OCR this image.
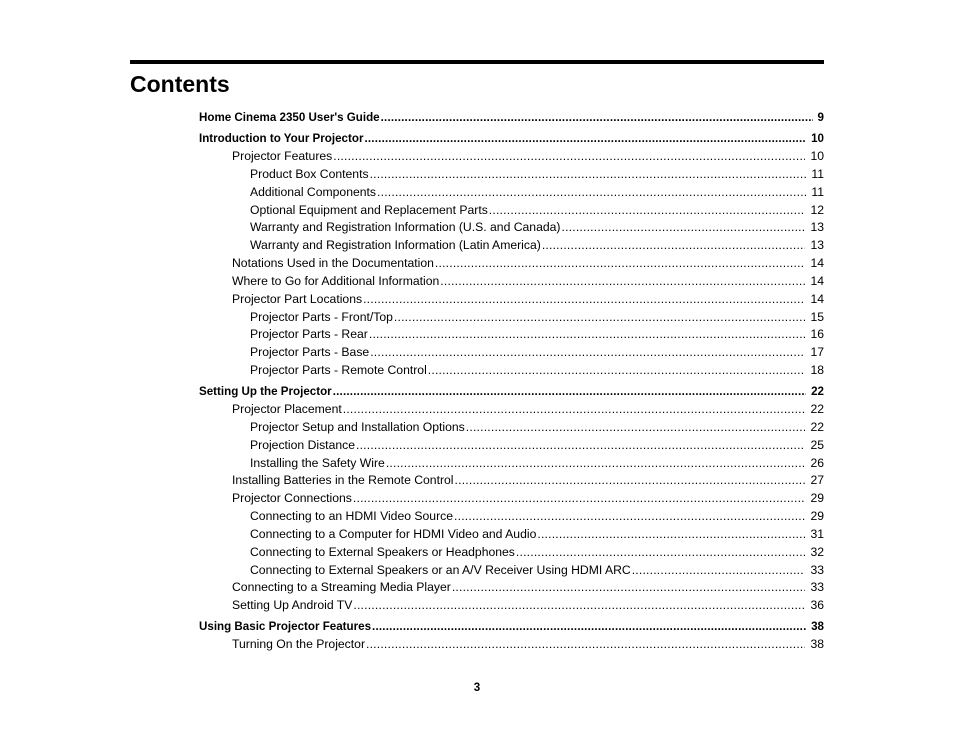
Contents
Home Cinema 2350 User's Guide .....	9
Introduction to Your Projector .....	10
Projector Features .....	10
Product Box Contents .....	11
Additional Components .....	11
Optional Equipment and Replacement Parts .....	12
Warranty and Registration Information (U.S. and Canada) .....	13
Warranty and Registration Information (Latin America) .....	13
Notations Used in the Documentation .....	14
Where to Go for Additional Information .....	14
Projector Part Locations .....	14
Projector Parts - Front/Top .....	15
Projector Parts - Rear .....	16
Projector Parts - Base .....	17
Projector Parts - Remote Control .....	18
Setting Up the Projector .....	22
Projector Placement .....	22
Projector Setup and Installation Options .....	22
Projection Distance .....	25
Installing the Safety Wire .....	26
Installing Batteries in the Remote Control .....	27
Projector Connections .....	29
Connecting to an HDMI Video Source .....	29
Connecting to a Computer for HDMI Video and Audio .....	31
Connecting to External Speakers or Headphones .....	32
Connecting to External Speakers or an A/V Receiver Using HDMI ARC .....	33
Connecting to a Streaming Media Player .....	33
Setting Up Android TV .....	36
Using Basic Projector Features .....	38
Turning On the Projector .....	38
3
